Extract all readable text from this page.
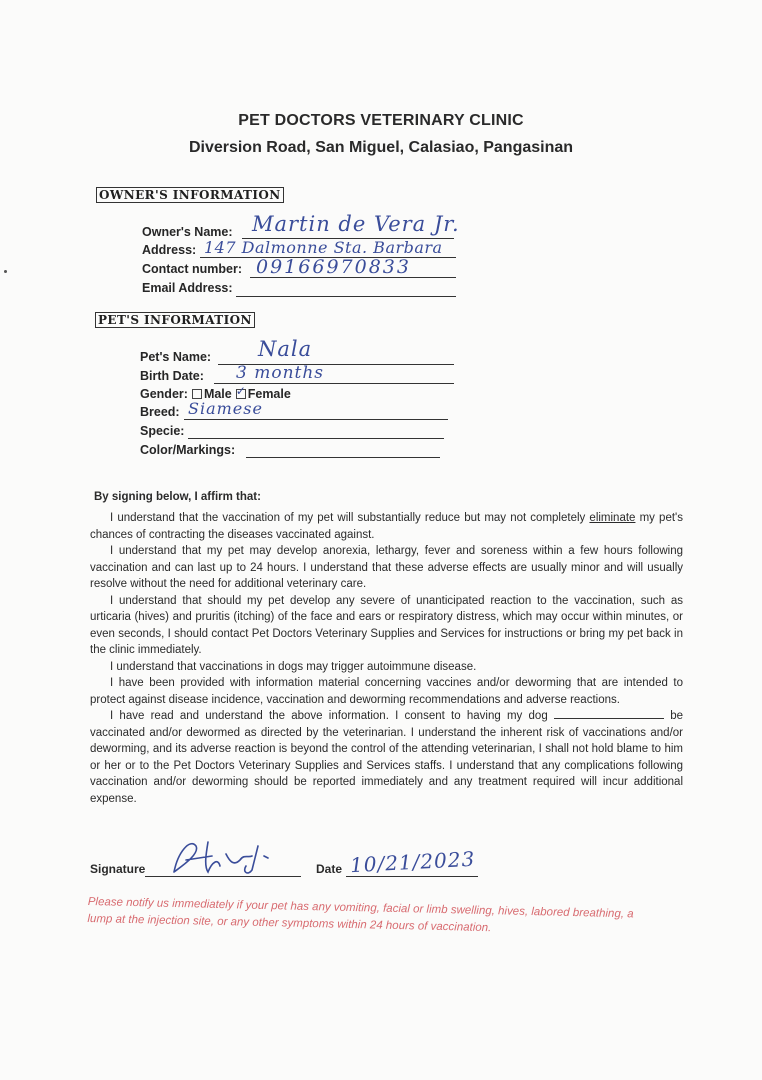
PET DOCTORS VETERINARY CLINIC
Diversion Road, San Miguel, Calasiao, Pangasinan
OWNER'S INFORMATION
Owner's Name: Martin de Vera Jr.
Address: 147 Dalmonne Sta. Barbara
Contact number: 09166970833
Email Address:
PET'S INFORMATION
Pet's Name: Nala
Birth Date: 3 months
Gender: Male ✓ Female
Breed: Siamese
Specie:
Color/Markings:
By signing below, I affirm that:

I understand that the vaccination of my pet will substantially reduce but may not completely eliminate my pet's chances of contracting the diseases vaccinated against.

I understand that my pet may develop anorexia, lethargy, fever and soreness within a few hours following vaccination and can last up to 24 hours. I understand that these adverse effects are usually minor and will usually resolve without the need for additional veterinary care.

I understand that should my pet develop any severe of unanticipated reaction to the vaccination, such as urticaria (hives) and pruritis (itching) of the face and ears or respiratory distress, which may occur within minutes, or even seconds, I should contact Pet Doctors Veterinary Supplies and Services for instructions or bring my pet back in the clinic immediately.

I understand that vaccinations in dogs may trigger autoimmune disease.

I have been provided with information material concerning vaccines and/or deworming that are intended to protect against disease incidence, vaccination and deworming recommendations and adverse reactions.

I have read and understand the above information. I consent to having my dog	be vaccinated and/or dewormed as directed by the veterinarian. I understand the inherent risk of vaccinations and/or deworming, and its adverse reaction is beyond the control of the attending veterinarian, I shall not hold blame to him or her or to the Pet Doctors Veterinary Supplies and Services staffs. I understand that any complications following vaccination and/or deworming should be reported immediately and any treatment required will incur additional expense.

Signature	Date 10/21/2023
Please notify us immediately if your pet has any vomiting, facial or limb swelling, hives, labored breathing, a lump at the injection site, or any other symptoms within 24 hours of vaccination.
